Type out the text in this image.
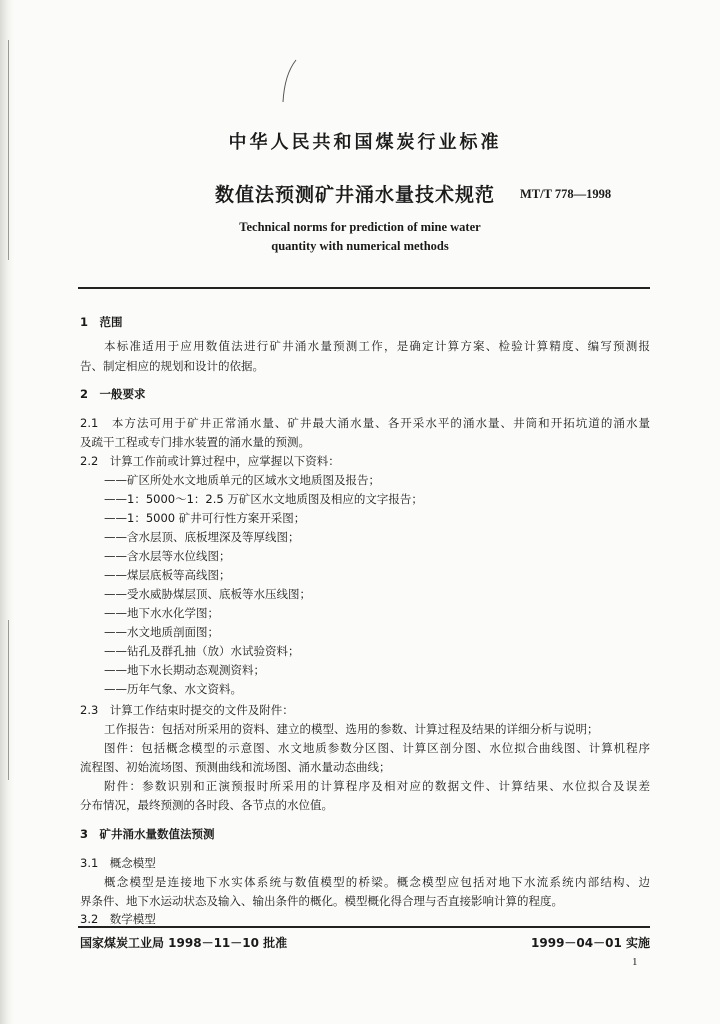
中华人民共和国煤炭行业标准
数值法预测矿井涌水量技术规范	MT/T 778—1998
Technical norms for prediction of mine water
quantity with numerical methods
1　范围
本标准适用于应用数值法进行矿井涌水量预测工作，是确定计算方案、检验计算精度、编写预测报
告、制定相应的规划和设计的依据。
2　一般要求
2.1　本方法可用于矿井正常涌水量、矿井最大涌水量、各开采水平的涌水量、井筒和开拓坑道的涌水量
及疏干工程或专门排水装置的涌水量的预测。
2.2　计算工作前或计算过程中，应掌握以下资料：
——矿区所处水文地质单元的区域水文地质图及报告；
——1：5000～1：2.5 万矿区水文地质图及相应的文字报告；
——1：5000 矿井可行性方案开采图；
——含水层顶、底板埋深及等厚线图；
——含水层等水位线图；
——煤层底板等高线图；
——受水威胁煤层顶、底板等水压线图；
——地下水水化学图；
——水文地质剖面图；
——钻孔及群孔抽（放）水试验资料；
——地下水长期动态观测资料；
——历年气象、水文资料。
2.3　计算工作结束时提交的文件及附件：
工作报告：包括对所采用的资料、建立的模型、选用的参数、计算过程及结果的详细分析与说明；
图件：包括概念模型的示意图、水文地质参数分区图、计算区剖分图、水位拟合曲线图、计算机程序
流程图、初始流场图、预测曲线和流场图、涌水量动态曲线；
附件：参数识别和正演预报时所采用的计算程序及相对应的数据文件、计算结果、水位拟合及误差
分布情况，最终预测的各时段、各节点的水位值。
3　矿井涌水量数值法预测
3.1　概念模型
概念模型是连接地下水实体系统与数值模型的桥梁。概念模型应包括对地下水流系统内部结构、边
界条件、地下水运动状态及输入、输出条件的概化。模型概化得合理与否直接影响计算的程度。
3.2　数学模型
国家煤炭工业局 1998－11－10 批准	1999－04－01 实施
1
